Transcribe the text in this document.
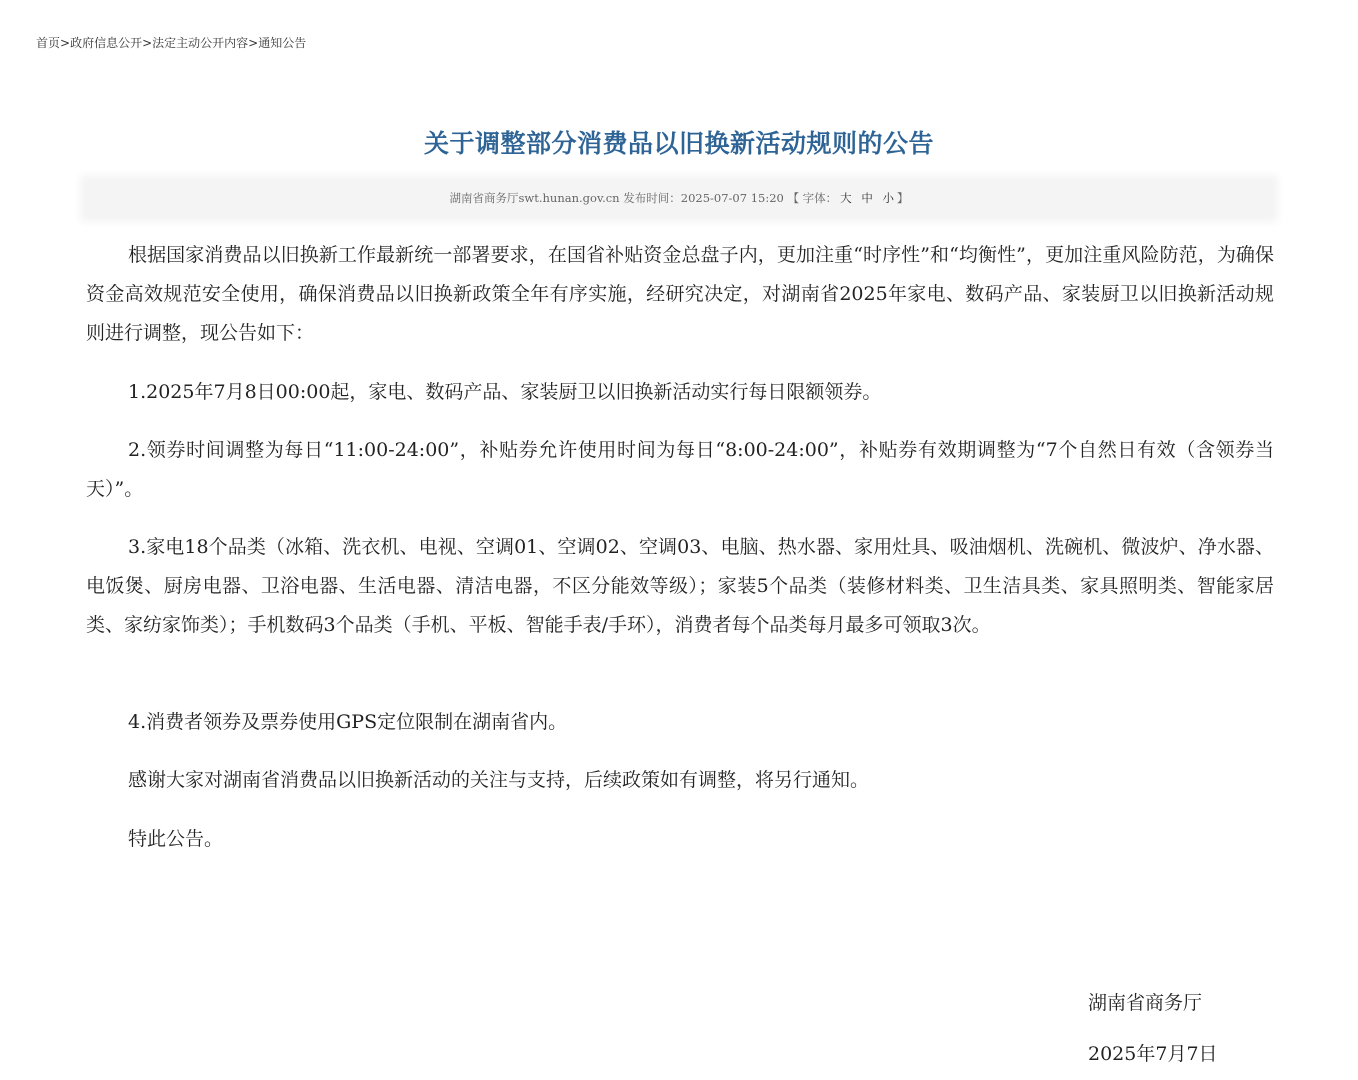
首页>政府信息公开>法定主动公开内容>通知公告
关于调整部分消费品以旧换新活动规则的公告
湖南省商务厅swt.hunan.gov.cn 发布时间：2025-07-07 15:20 【 字体： 大 中 小 】

根据国家消费品以旧换新工作最新统一部署要求，在国省补贴资金总盘子内，更加注重“时序性”和“均衡性”，更加注重风险防范，为确保资金高效规范安全使用，确保消费品以旧换新政策全年有序实施，经研究决定，对湖南省2025年家电、数码产品、家装厨卫以旧换新活动规则进行调整，现公告如下：

1.2025年7月8日00:00起，家电、数码产品、家装厨卫以旧换新活动实行每日限额领券。

2.领券时间调整为每日“11:00-24:00”，补贴券允许使用时间为每日“8:00-24:00”，补贴券有效期调整为“7个自然日有效（含领券当天）”。

3.家电18个品类（冰箱、洗衣机、电视、空调01、空调02、空调03、电脑、热水器、家用灶具、吸油烟机、洗碗机、微波炉、净水器、电饭煲、厨房电器、卫浴电器、生活电器、清洁电器，不区分能效等级）；家装5个品类（装修材料类、卫生洁具类、家具照明类、智能家居类、家纺家饰类）；手机数码3个品类（手机、平板、智能手表/手环），消费者每个品类每月最多可领取3次。

4.消费者领券及票券使用GPS定位限制在湖南省内。

感谢大家对湖南省消费品以旧换新活动的关注与支持，后续政策如有调整，将另行通知。

特此公告。

湖南省商务厅
2025年7月7日
